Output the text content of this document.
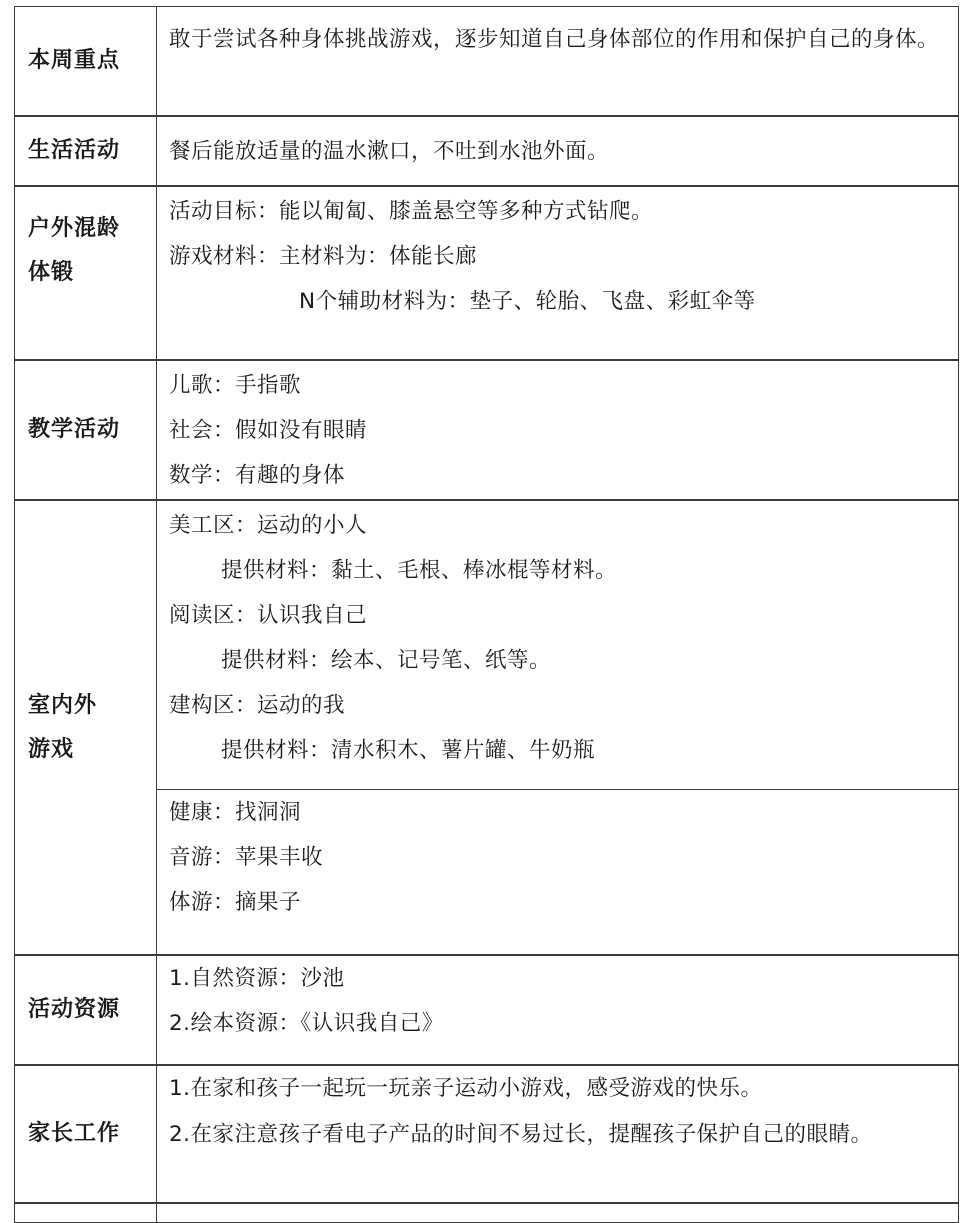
本周重点
敢于尝试各种身体挑战游戏，逐步知道自己身体部位的作用和保护自己的身体。
生活活动 餐后能放适量的温水漱口，不吐到水池外面。
户外混龄
体锻
活动目标：能以匍匐、膝盖悬空等多种方式钻爬。
游戏材料：主材料为：体能长廊
N个辅助材料为：垫子、轮胎、飞盘、彩虹伞等
教学活动
儿歌：手指歌
社会：假如没有眼睛
数学：有趣的身体
室内外
游戏
美工区：运动的小人
提供材料：黏土、毛根、棒冰棍等材料。
阅读区：认识我自己
提供材料：绘本、记号笔、纸等。
建构区：运动的我
提供材料：清水积木、薯片罐、牛奶瓶
健康：找洞洞
音游：苹果丰收
体游：摘果子
活动资源
1.自然资源：沙池
2.绘本资源：《认识我自己》
家长工作
1.在家和孩子一起玩一玩亲子运动小游戏，感受游戏的快乐。
2.在家注意孩子看电子产品的时间不易过长，提醒孩子保护自己的眼睛。
